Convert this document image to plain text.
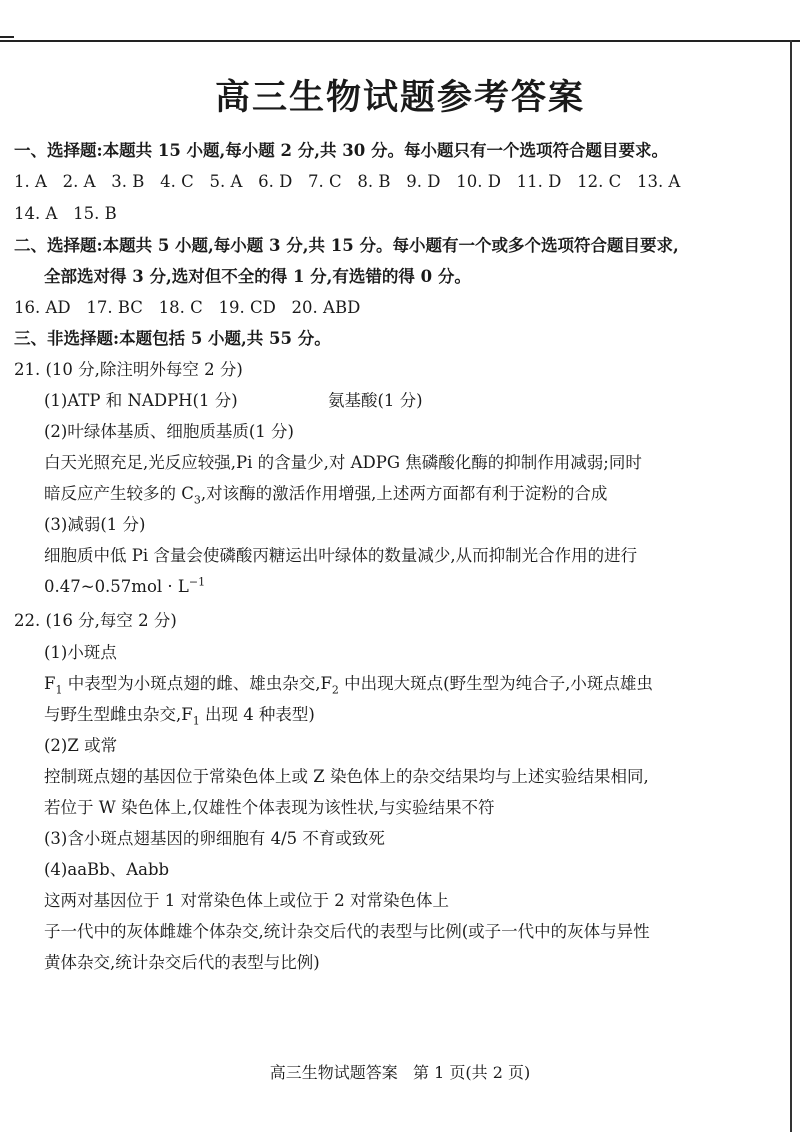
高三生物试题参考答案
一、选择题:本题共 15 小题,每小题 2 分,共 30 分。每小题只有一个选项符合题目要求。
1. A   2. A   3. B   4. C   5. A   6. D   7. C   8. B   9. D   10. D   11. D   12. C   13. A
14. A   15. B
二、选择题:本题共 5 小题,每小题 3 分,共 15 分。每小题有一个或多个选项符合题目要求,
全部选对得 3 分,选对但不全的得 1 分,有选错的得 0 分。
16. AD   17. BC   18. C   19. CD   20. ABD
三、非选择题:本题包括 5 小题,共 55 分。
21. (10 分,除注明外每空 2 分)
(1)ATP 和 NADPH(1 分)	氨基酸(1 分)
(2)叶绿体基质、细胞质基质(1 分)
白天光照充足,光反应较强,Pi 的含量少,对 ADPG 焦磷酸化酶的抑制作用减弱;同时
暗反应产生较多的 $C_3$,对该酶的激活作用增强,上述两方面都有利于淀粉的合成
(3)减弱(1 分)
细胞质中低 Pi 含量会使磷酸丙糖运出叶绿体的数量减少,从而抑制光合作用的进行
0.47~0.57mol · $L^{-1}$
22. (16 分,每空 2 分)
(1)小斑点
$F_1$ 中表型为小斑点翅的雌、雄虫杂交$,F_2$ 中出现大斑点(野生型为纯合子,小斑点雄虫
与野生型雌虫杂交$,F_1$ 出现 4 种表型)
(2)Z 或常
控制斑点翅的基因位于常染色体上或 Z 染色体上的杂交结果均与上述实验结果相同,
若位于 W 染色体上,仅雄性个体表现为该性状,与实验结果不符
(3)含小斑点翅基因的卵细胞有 4/5 不育或致死
(4)aaBb、Aabb
这两对基因位于 1 对常染色体上或位于 2 对常染色体上
子一代中的灰体雌雄个体杂交,统计杂交后代的表型与比例(或子一代中的灰体与异性
黄体杂交,统计杂交后代的表型与比例)
高三生物试题答案   第 1 页(共 2 页)
